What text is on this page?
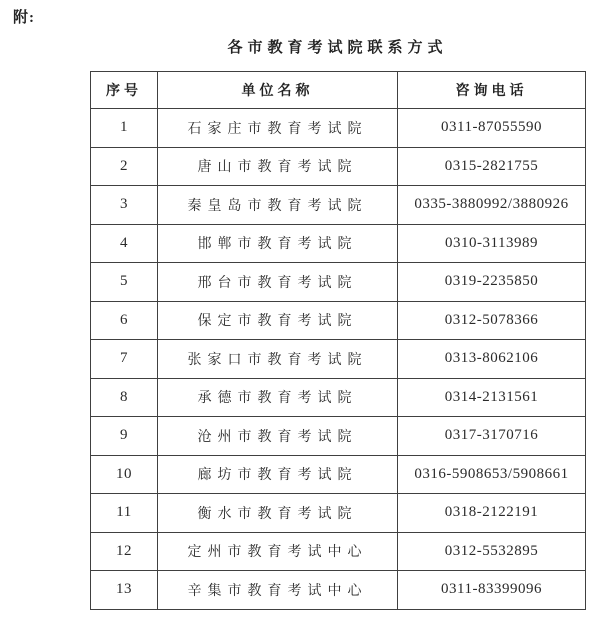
附:
各市教育考试院联系方式
序号	单位名称	咨询电话
1	石家庄市教育考试院	0311-87055590
2	唐山市教育考试院	0315-2821755
3	秦皇岛市教育考试院	0335-3880992/3880926
4	邯郸市教育考试院	0310-3113989
5	邢台市教育考试院	0319-2235850
6	保定市教育考试院	0312-5078366
7	张家口市教育考试院	0313-8062106
8	承德市教育考试院	0314-2131561
9	沧州市教育考试院	0317-3170716
10	廊坊市教育考试院	0316-5908653/5908661
11	衡水市教育考试院	0318-2122191
12	定州市教育考试中心	0312-5532895
13	辛集市教育考试中心	0311-83399096
